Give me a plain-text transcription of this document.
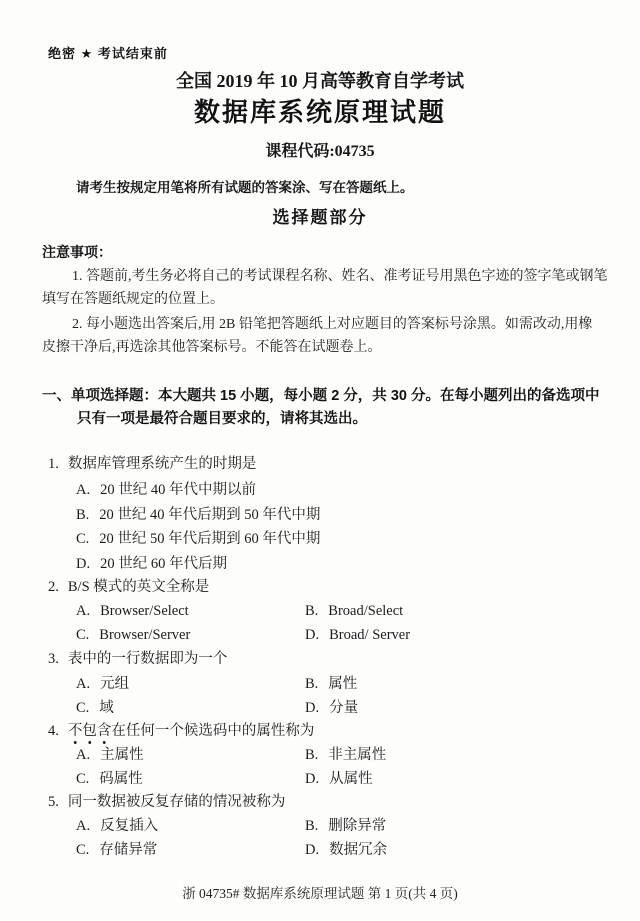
绝密 ★ 考试结束前
全国 2019 年 10 月高等教育自学考试
数据库系统原理试题
课程代码:04735
请考生按规定用笔将所有试题的答案涂、写在答题纸上。
选择题部分
注意事项：
1. 答题前,考生务必将自己的考试课程名称、姓名、准考证号用黑色字迹的签字笔或钢笔
填写在答题纸规定的位置上。
2. 每小题选出答案后,用 2B 铅笔把答题纸上对应题目的答案标号涂黑。如需改动,用橡
皮擦干净后,再选涂其他答案标号。不能答在试题卷上。
一、单项选择题：本大题共 15 小题，每小题 2 分，共 30 分。在每小题列出的备选项中
只有一项是最符合题目要求的，请将其选出。
1. 数据库管理系统产生的时期是
A. 20 世纪 40 年代中期以前
B. 20 世纪 40 年代后期到 50 年代中期
C. 20 世纪 50 年代后期到 60 年代中期
D. 20 世纪 60 年代后期
2. B/S 模式的英文全称是
A. Browser/Select	B. Broad/Select
C. Browser/Server	D. Broad/ Server
3. 表中的一行数据即为一个
A. 元组	B. 属性
C. 域	D. 分量
4. 不包含在任何一个候选码中的属性称为
A. 主属性	B. 非主属性
C. 码属性	D. 从属性
5. 同一数据被反复存储的情况被称为
A. 反复插入	B. 删除异常
C. 存储异常	D. 数据冗余
浙 04735# 数据库系统原理试题 第 1 页(共 4 页)
